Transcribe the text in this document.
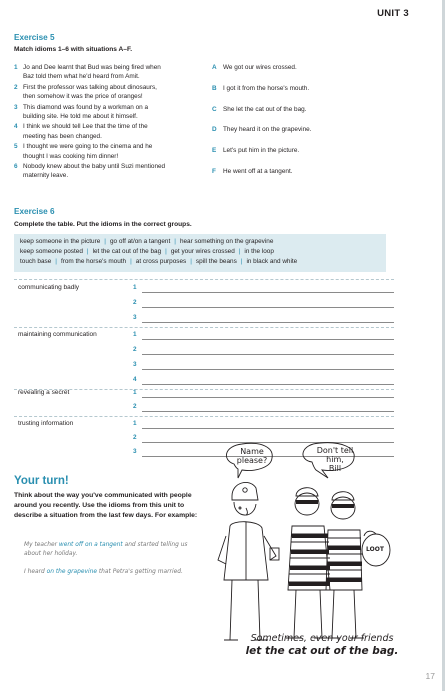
UNIT 3
Exercise 5
Match idioms 1–6 with situations A–F.
1 Jo and Dee learnt that Bud was being fired when
Baz told them what he'd heard from Amit.
2 First the professor was talking about dinosaurs,
then somehow it was the price of oranges!
3 This diamond was found by a workman on a
building site. He told me about it himself.
4 I think we should tell Lee that the time of the
meeting has been changed.
5 I thought we were going to the cinema and he
thought I was cooking him dinner!
6 Nobody knew about the baby until Suzi mentioned
maternity leave.
A We got our wires crossed.
B I got it from the horse's mouth.
C She let the cat out of the bag.
D They heard it on the grapevine.
E	Let's put him in the picture.
F	He went off at a tangent.
Exercise 6
Complete the table. Put the idioms in the correct groups.
keep someone in the picture | go off at/on a tangent | hear something on the grapevine
keep someone posted | let the cat out of the bag | get your wires crossed | in the loop
touch base | from the horse's mouth | at cross purposes | spill the beans | in black and white
communicating badly	1
2
3
maintaining communication	1
2
3
4
revealing a secret	1
2
trusting information	1
2
3
Your turn!
Think about the way you've communicated with people around you recently. Use the idioms from this unit to describe a situation from the last few days. For example:
My teacher went off on a tangent and started telling us about her holiday.
I heard on the grapevine that Petra's getting married.
Name
please?
Don't tell him,
Bill
LOOT
Sometimes, even your friends
let the cat out of the bag.
17
